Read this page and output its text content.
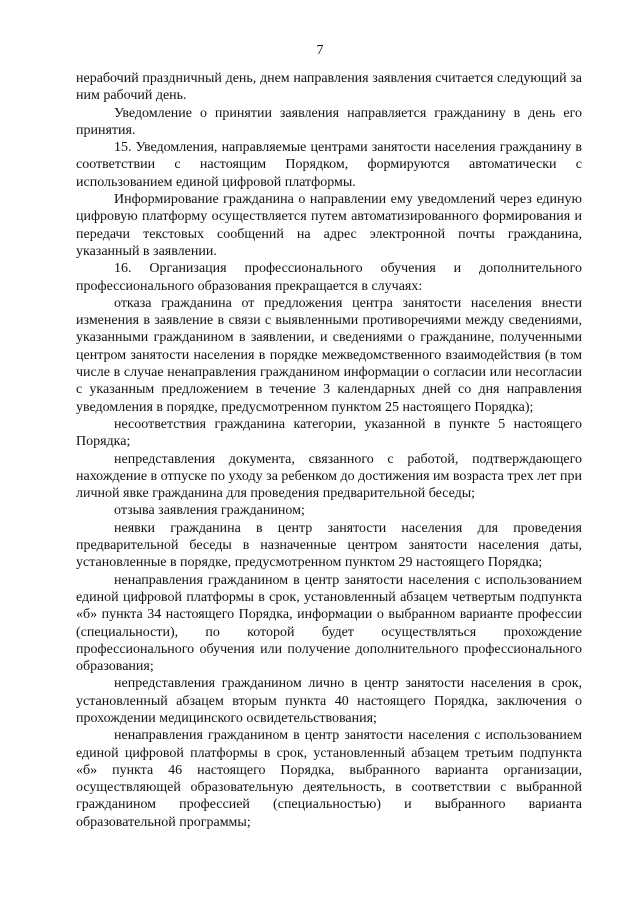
7

нерабочий праздничный день, днем направления заявления считается следующий за ним рабочий день.

Уведомление о принятии заявления направляется гражданину в день его принятия.

15. Уведомления, направляемые центрами занятости населения гражданину в соответствии с настоящим Порядком, формируются автоматически с использованием единой цифровой платформы.

Информирование гражданина о направлении ему уведомлений через единую цифровую платформу осуществляется путем автоматизированного формирования и передачи текстовых сообщений на адрес электронной почты гражданина, указанный в заявлении.

16. Организация профессионального обучения и дополнительного профессионального образования прекращается в случаях:

отказа гражданина от предложения центра занятости населения внести изменения в заявление в связи с выявленными противоречиями между сведениями, указанными гражданином в заявлении, и сведениями о гражданине, полученными центром занятости населения в порядке межведомственного взаимодействия (в том числе в случае ненаправления гражданином информации о согласии или несогласии с указанным предложением в течение 3 календарных дней со дня направления уведомления в порядке, предусмотренном пунктом 25 настоящего Порядка);

несоответствия гражданина категории, указанной в пункте 5 настоящего Порядка;

непредставления документа, связанного с работой, подтверждающего нахождение в отпуске по уходу за ребенком до достижения им возраста трех лет при личной явке гражданина для проведения предварительной беседы;

отзыва заявления гражданином;

неявки гражданина в центр занятости населения для проведения предварительной беседы в назначенные центром занятости населения даты, установленные в порядке, предусмотренном пунктом 29 настоящего Порядка;

ненаправления гражданином в центр занятости населения с использованием единой цифровой платформы в срок, установленный абзацем четвертым подпункта «б» пункта 34 настоящего Порядка, информации о выбранном варианте профессии (специальности), по которой будет осуществляться прохождение профессионального обучения или получение дополнительного профессионального образования;

непредставления гражданином лично в центр занятости населения в срок, установленный абзацем вторым пункта 40 настоящего Порядка, заключения о прохождении медицинского освидетельствования;

ненаправления гражданином в центр занятости населения с использованием единой цифровой платформы в срок, установленный абзацем третьим подпункта «б» пункта 46 настоящего Порядка, выбранного варианта организации, осуществляющей образовательную деятельность, в соответствии с выбранной гражданином профессией (специальностью) и выбранного варианта образовательной программы;
